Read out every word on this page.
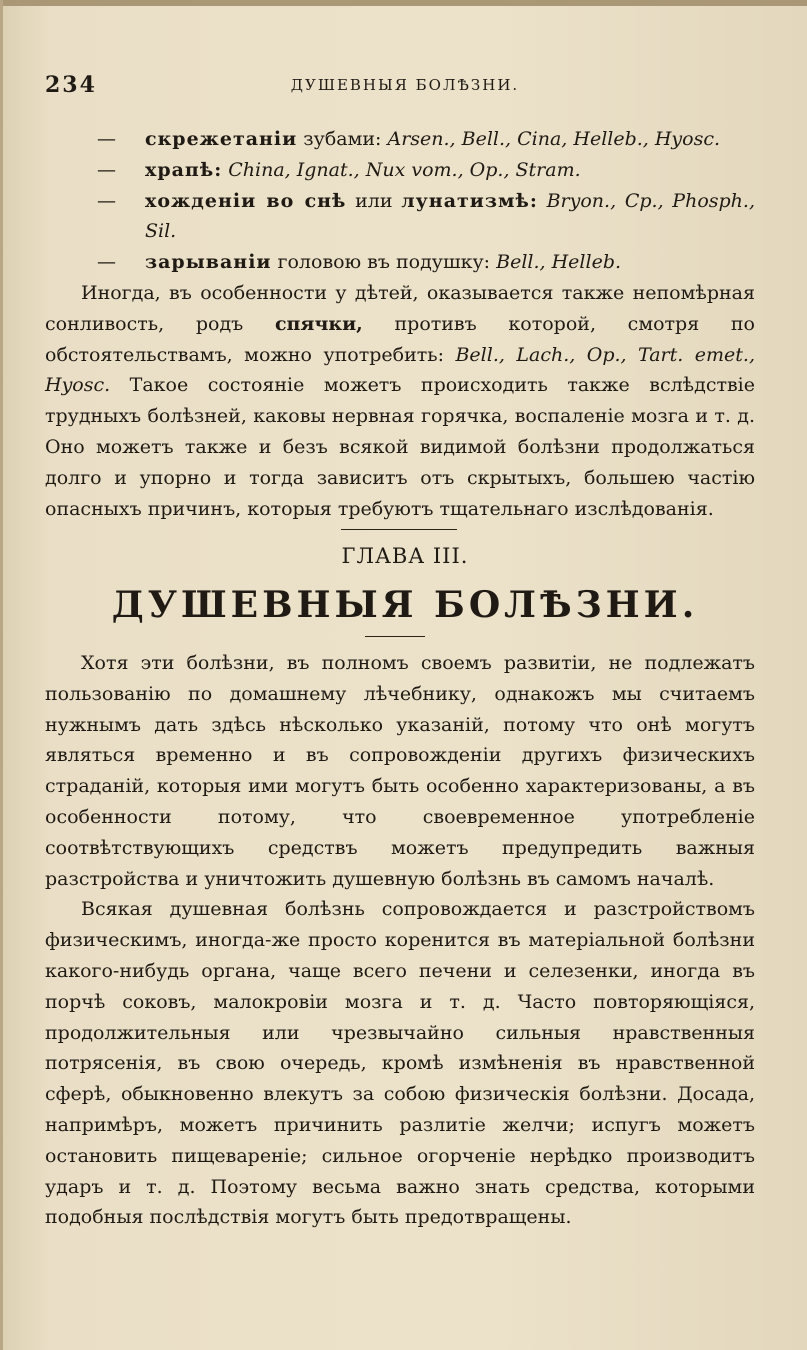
234	ДУШЕВНЫЯ БОЛѢЗНИ.
— скрежетаніи зубами: Arsen., Bell., Cina, Helleb., Hyosc.
— храпѣ: China, Ignat., Nux vom., Op., Stram.
— хожденіи во снѣ или лунатизмѣ: Bryon., Cp., Phosph., Sil.
— зарываніи головою въ подушку: Bell., Helleb.

Иногда, въ особенности у дѣтей, оказывается также непомѣрная сонливость, родъ спячки, противъ которой, смотря по обстоятельствамъ, можно употребить: Bell., Lach., Op., Tart. emet., Hyosc. Такое состояніе можетъ происходить также вслѣдствіе трудныхъ болѣзней, каковы нервная горячка, воспаленіе мозга и т. д. Оно можетъ также и безъ всякой видимой болѣзни продолжаться долго и упорно и тогда зависитъ отъ скрытыхъ, большею частію опасныхъ причинъ, которыя требуютъ тщательнаго изслѣдованія.

ГЛАВА III.
ДУШЕВНЫЯ БОЛѢЗНИ.

Хотя эти болѣзни, въ полномъ своемъ развитіи, не подлежатъ пользованію по домашнему лѣчебнику, однакожъ мы считаемъ нужнымъ дать здѣсь нѣсколько указаній, потому что онѣ могутъ являться временно и въ сопровожденіи другихъ физическихъ страданій, которыя ими могутъ быть особенно характеризованы, а въ особенности потому, что своевременное употребленіе соотвѣтствующихъ средствъ можетъ предупредить важныя разстройства и уничтожить душевную болѣзнь въ самомъ началѣ.

Всякая душевная болѣзнь сопровождается и разстройствомъ физическимъ, иногда-же просто коренится въ матеріальной болѣзни какого-нибудь органа, чаще всего печени и селезенки, иногда въ порчѣ соковъ, малокровіи мозга и т. д. Часто повторяющіяся, продолжительныя или чрезвычайно сильныя нравственныя потрясенія, въ свою очередь, кромѣ измѣненія въ нравственной сферѣ, обыкновенно влекутъ за собою физическія болѣзни. Досада, напримѣръ, можетъ причинить разлитіе желчи; испугъ можетъ остановить пищевареніе; сильное огорченіе нерѣдко производитъ ударъ и т. д. Поэтому весьма важно знать средства, которыми подобныя послѣдствія могутъ быть предотвращены.
